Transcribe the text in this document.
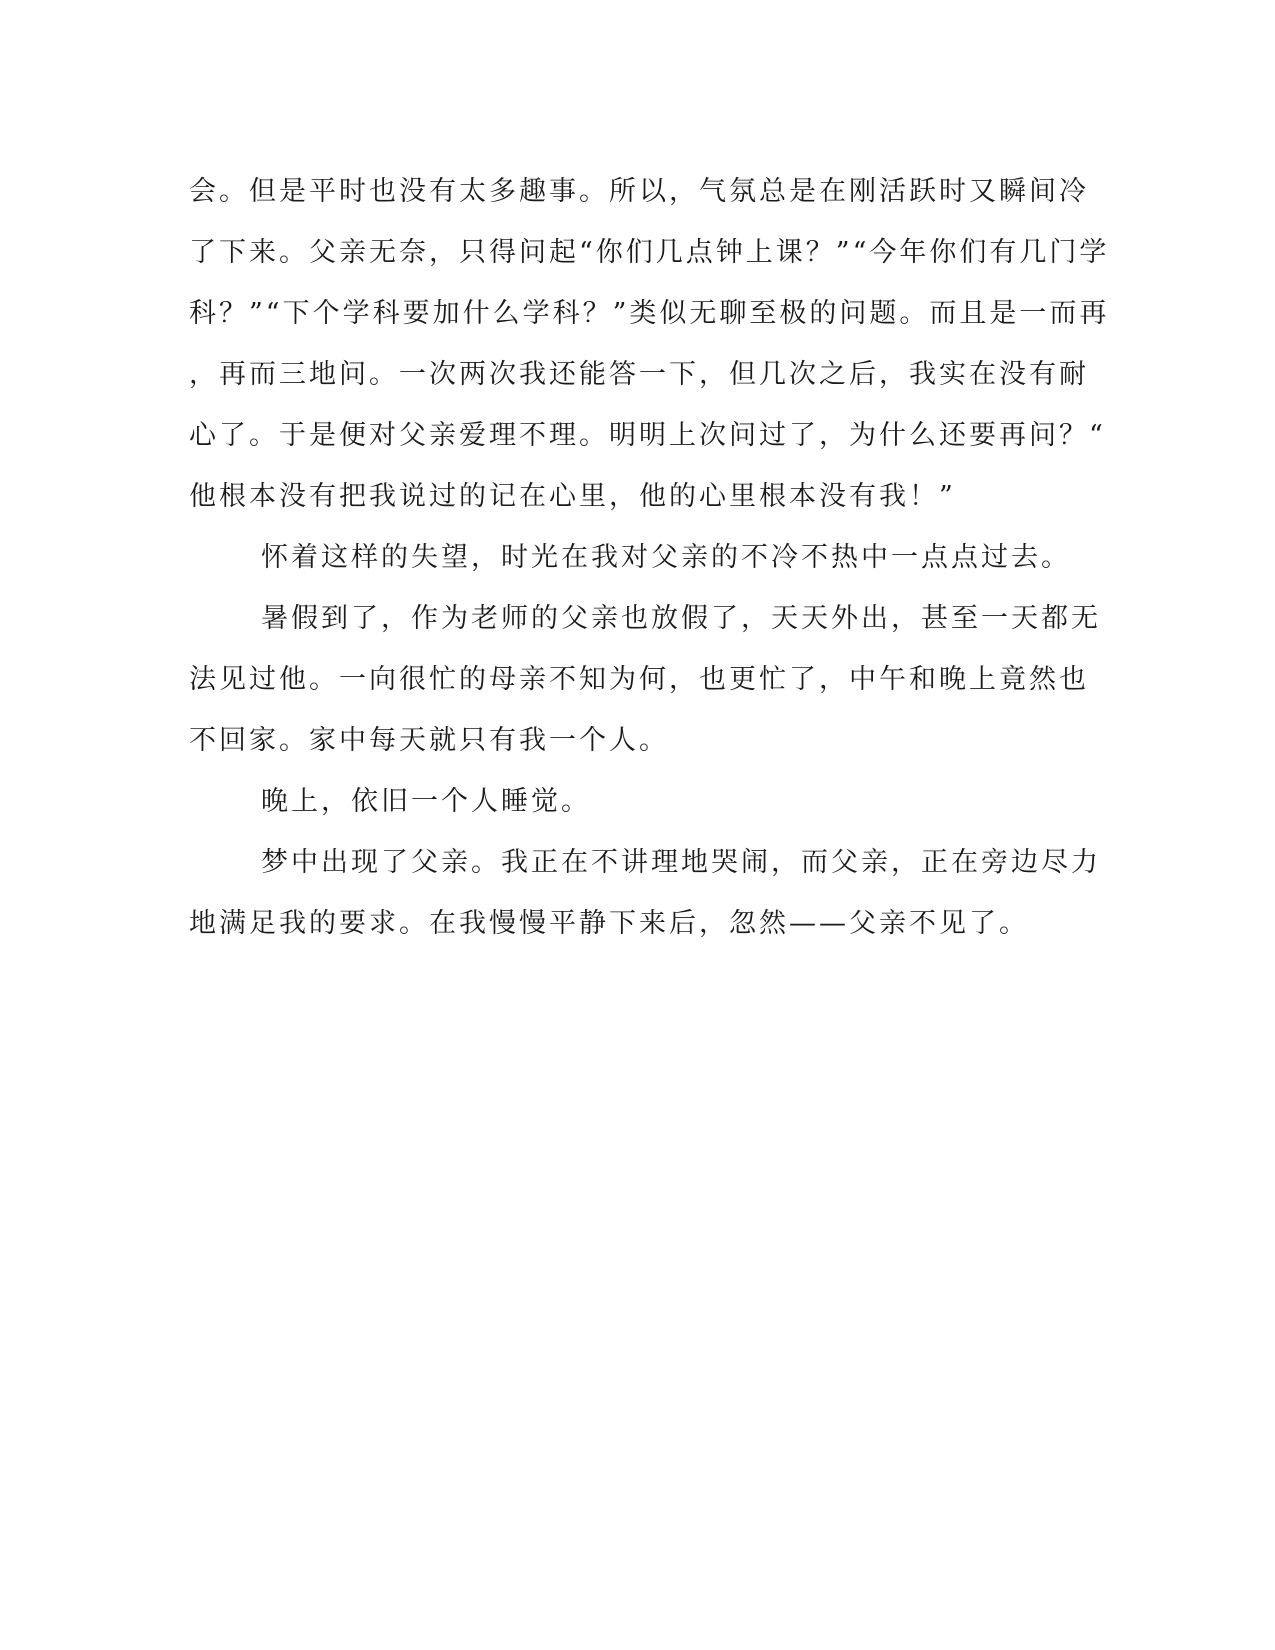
会。但是平时也没有太多趣事。所以，气氛总是在刚活跃时又瞬间冷
了下来。父亲无奈，只得问起“你们几点钟上课？”“今年你们有几门学
科？”“下个学科要加什么学科？”类似无聊至极的问题。而且是一而再
，再而三地问。一次两次我还能答一下，但几次之后，我实在没有耐
心了。于是便对父亲爱理不理。明明上次问过了，为什么还要再问？“
他根本没有把我说过的记在心里，他的心里根本没有我！”
怀着这样的失望，时光在我对父亲的不冷不热中一点点过去。
暑假到了，作为老师的父亲也放假了，天天外出，甚至一天都无
法见过他。一向很忙的母亲不知为何，也更忙了，中午和晚上竟然也
不回家。家中每天就只有我一个人。
晚上，依旧一个人睡觉。
梦中出现了父亲。我正在不讲理地哭闹，而父亲，正在旁边尽力
地满足我的要求。在我慢慢平静下来后，忽然——父亲不见了。
